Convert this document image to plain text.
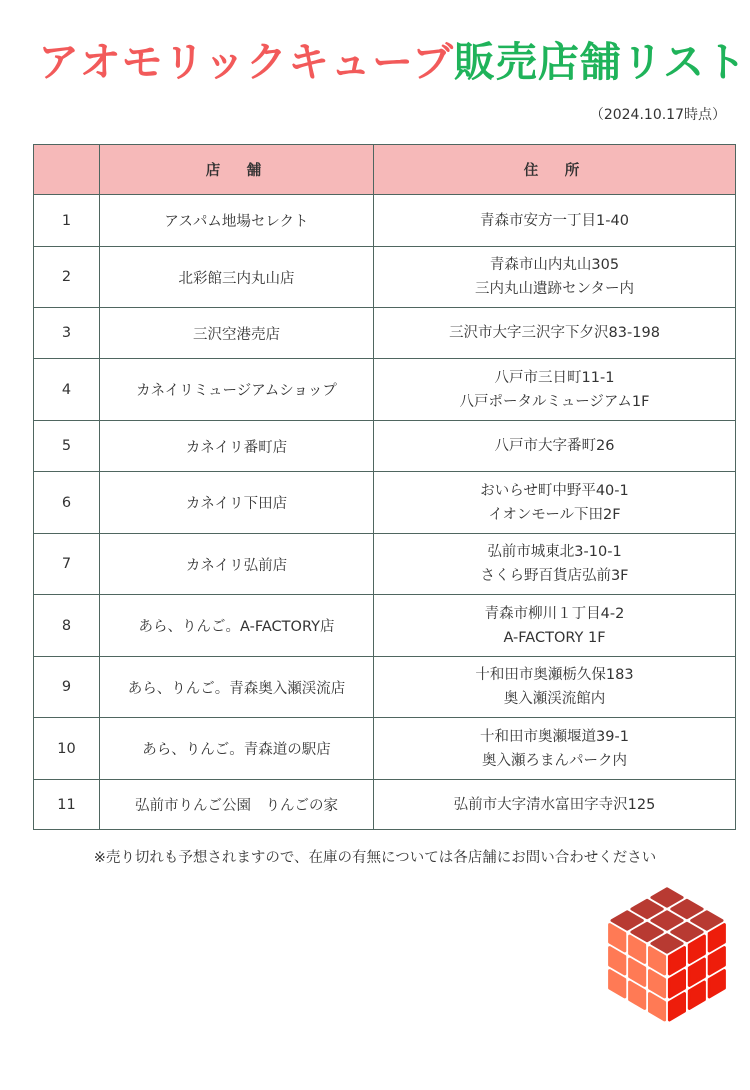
アオモリックキューブ販売店舗リスト
（2024.10.17時点）
	店　舗	住　所
1	アスパム地場セレクト	青森市安方一丁目1-40

2	北彩館三内丸山店	青森市山内丸山305
三内丸山遺跡センター内

3	三沢空港売店	三沢市大字三沢字下夕沢83-198

4	カネイリミュージアムショップ	八戸市三日町11-1
八戸ポータルミュージアム1F

5	カネイリ番町店	八戸市大字番町26

6	カネイリ下田店	おいらせ町中野平40-1
イオンモール下田2F

7	カネイリ弘前店	弘前市城東北3-10-1
さくら野百貨店弘前3F

8	あら、りんご。A-FACTORY店	青森市柳川１丁目4-2
A-FACTORY 1F

9	あら、りんご。青森奥入瀬渓流店	十和田市奥瀬栃久保183
奥入瀬渓流館内

10	あら、りんご。青森道の駅店	十和田市奥瀬堰道39-1
奥入瀬ろまんパーク内

11	弘前市りんご公園　りんごの家	弘前市大字清水富田字寺沢125
※売り切れも予想されますので、在庫の有無については各店舗にお問い合わせください
